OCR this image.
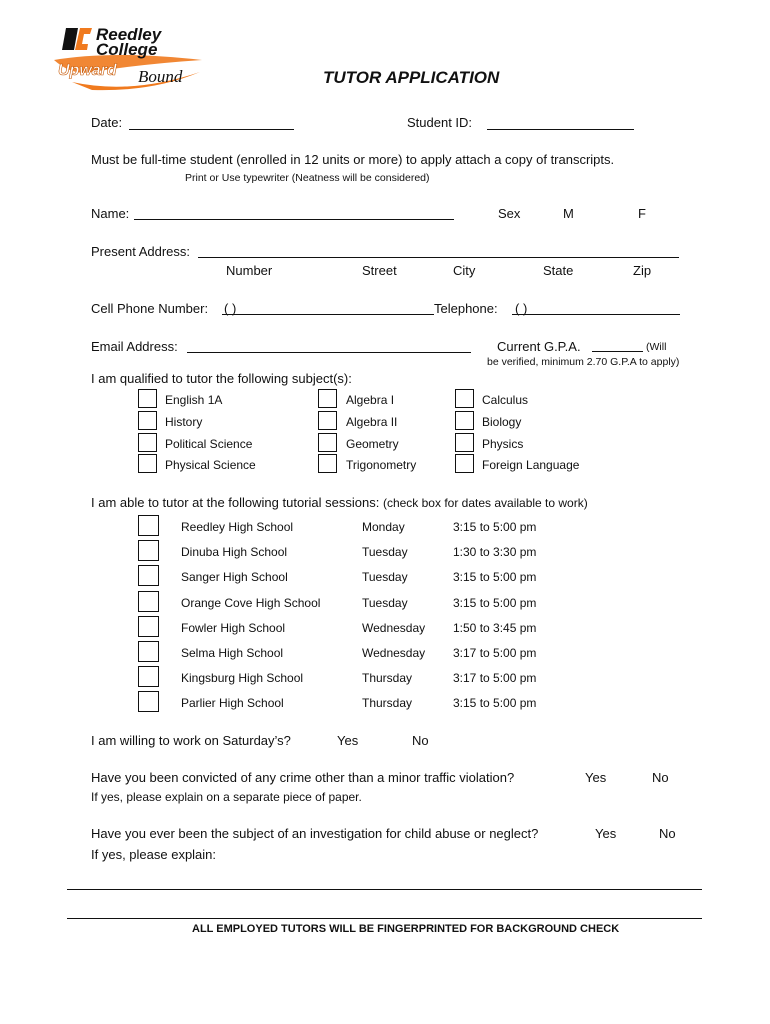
Reedley
College
Upward Bound	TUTOR APPLICATION
Date:	Student ID:
Must be full-time student (enrolled in 12 units or more) to apply attach a copy of transcripts.
Print or Use typewriter (Neatness will be considered)
Name:	Sex	M	F
Present Address:
Number	Street	City	State	Zip
Cell Phone Number: ( )	Telephone: ( )
Email Address:	Current G.P.A.	(Will
be verified, minimum 2.70 G.P.A to apply)
I am qualified to tutor the following subject(s):
English 1A
History
Political Science
Physical Science
Algebra I
Algebra II
Geometry
Trigonometry
Calculus
Biology
Physics
Foreign Language
I am able to tutor at the following tutorial sessions: (check box for dates available to work)
Reedley High School	Monday	3:15 to 5:00 pm
Dinuba High School	Tuesday	1:30 to 3:30 pm
Sanger High School	Tuesday	3:15 to 5:00 pm
Orange Cove High School	Tuesday	3:15 to 5:00 pm
Fowler High School	Wednesday 1:50 to 3:45 pm
Selma High School	Wednesday 3:17 to 5:00 pm
Kingsburg High School	Thursday	3:17 to 5:00 pm
Parlier High School	Thursday	3:15 to 5:00 pm
I am willing to work on Saturday’s?	Yes	No
Have you been convicted of any crime other than a minor traffic violation?	Yes	No
If yes, please explain on a separate piece of paper.
Have you ever been the subject of an investigation for child abuse or neglect?	Yes	No
If yes, please explain:
ALL EMPLOYED TUTORS WILL BE FINGERPRINTED FOR BACKGROUND CHECK
